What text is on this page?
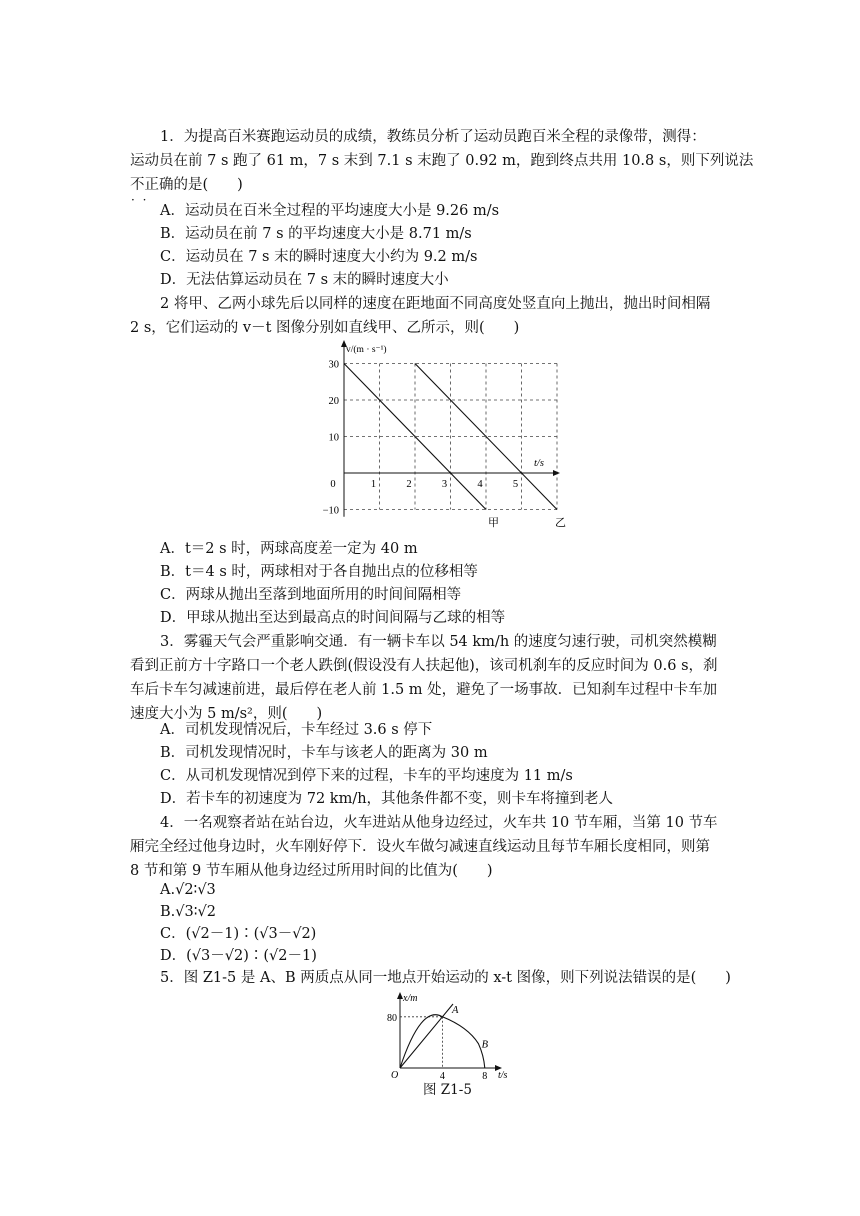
1．为提高百米赛跑运动员的成绩，教练员分析了运动员跑百米全程的录像带，测得：
运动员在前 7 s 跑了 61 m，7 s 末到 7.1 s 末跑了 0.92 m，跑到终点共用 10.8 s，则下列说法
不正确 · ·的是(　　)
A．运动员在百米全过程的平均速度大小是 9.26 m/s
B．运动员在前 7 s 的平均速度大小是 8.71 m/s
C．运动员在 7 s 末的瞬时速度大小约为 9.2 m/s
D．无法估算运动员在 7 s 末的瞬时速度大小
2 将甲、乙两小球先后以同样的速度在距地面不同高度处竖直向上抛出，抛出时间相隔
2 s，它们运动的 v－t 图像分别如直线甲、乙所示，则(　　)
30
20
10
−10
0	1	2	3	4	5
v/(m · s⁻¹)
t/s
甲	乙
A．t＝2 s 时，两球高度差一定为 40 m
B．t＝4 s 时，两球相对于各自抛出点的位移相等
C．两球从抛出至落到地面所用的时间间隔相等
D．甲球从抛出至达到最高点的时间间隔与乙球的相等
3．雾霾天气会严重影响交通．有一辆卡车以 54 km/h 的速度匀速行驶，司机突然模糊
看到正前方十字路口一个老人跌倒(假设没有人扶起他)，该司机刹车的反应时间为 0.6 s，刹
车后卡车匀减速前进，最后停在老人前 1.5 m 处，避免了一场事故．已知刹车过程中卡车加
速度大小为 5 m/s²，则(　　)
A．司机发现情况后，卡车经过 3.6 s 停下
B．司机发现情况时，卡车与该老人的距离为 30 m
C．从司机发现情况到停下来的过程，卡车的平均速度为 11 m/s
D．若卡车的初速度为 72 km/h，其他条件都不变，则卡车将撞到老人
4．一名观察者站在站台边，火车进站从他身边经过，火车共 10 节车厢，当第 10 节车
厢完全经过他身边时，火车刚好停下．设火车做匀减速直线运动且每节车厢长度相同，则第
8 节和第 9 节车厢从他身边经过所用时间的比值为(　　)
A.√2∶√3
B.√3∶√2
C．(√2－1)∶(√3－√2)
D．(√3－√2)∶(√2－1)
5．图 Z1-5 是 A、B 两质点从同一地点开始运动的 x-t 图像，则下列说法错误的是(　　)
x/m
t/s
80
4	8
O
A
B
图 Z1-5
